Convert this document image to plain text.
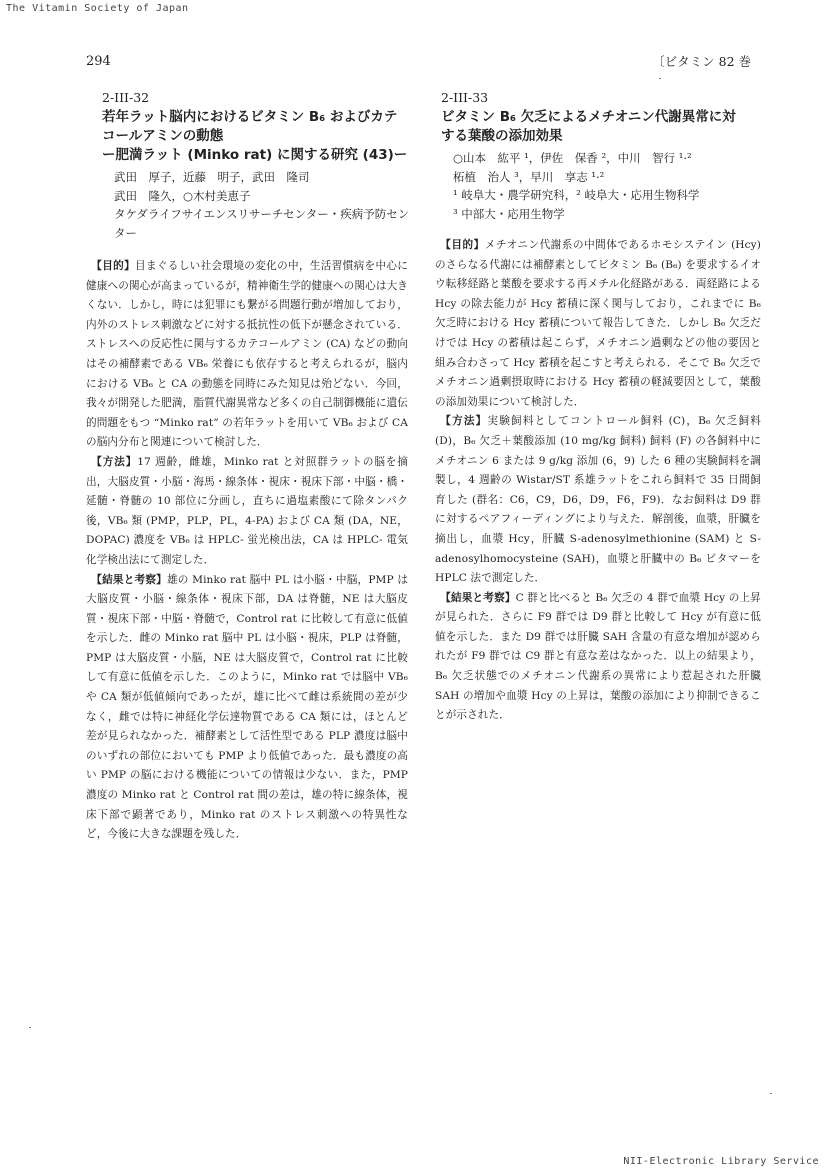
The Vitamin Society of Japan
294	〔ビタミン 82 巻
2-III-32
若年ラット脳内におけるビタミン B₆ およびカテ
コールアミンの動態
ー肥満ラット (Minko rat) に関する研究 (43)ー
武田　厚子，近藤　明子，武田　隆司
武田　隆久，○木村美恵子
タケダライフサイエンスリサーチセンター・疾病予防センター
2-III-33
ビタミン B₆ 欠乏によるメチオニン代謝異常に対
する葉酸の添加効果
○山本　紘平 ¹，伊佐　保香 ²，中川　智行 ¹·²
柘植　治人 ³，早川　享志 ¹·²
¹ 岐阜大・農学研究科，² 岐阜大・応用生物科学
³ 中部大・応用生物学

【目的】目まぐるしい社会環境の変化の中，生活習慣病を中心に健康への関心が高まっているが，精神衛生学的健康への関心は大きくない．しかし，時には犯罪にも繋がる問題行動が増加しており，内外のストレス刺激などに対する抵抗性の低下が懸念されている．ストレスへの反応性に関与するカテコールアミン (CA) などの動向はその補酵素である VB₆ 栄養にも依存すると考えられるが，脳内における VB₆ と CA の動態を同時にみた知見は殆どない．今回，我々が開発した肥満，脂質代謝異常など多くの自己制御機能に遺伝的問題をもつ “Minko rat” の若年ラットを用いて VB₆ および CA の脳内分布と関連について検討した．

【方法】17 週齢，雌雄，Minko rat と対照群ラットの脳を摘出，大脳皮質・小脳・海馬・線条体・視床・視床下部・中脳・橋・延髄・脊髄の 10 部位に分画し，直ちに過塩素酸にて除タンパク後，VB₆ 類 (PMP，PLP，PL，4-PA) および CA 類 (DA，NE，DOPAC) 濃度を VB₆ は HPLC- 蛍光検出法，CA は HPLC- 電気化学検出法にて測定した．

【結果と考察】雄の Minko rat 脳中 PL は小脳・中脳，PMP は大脳皮質・小脳・線条体・視床下部，DA は脊髄，NE は大脳皮質・視床下部・中脳・脊髄で，Control rat に比較して有意に低値を示した．雌の Minko rat 脳中 PL は小脳・視床，PLP は脊髄，PMP は大脳皮質・小脳，NE は大脳皮質で，Control rat に比較して有意に低値を示した．このように，Minko rat では脳中 VB₆ や CA 類が低値傾向であったが，雄に比べて雌は系統間の差が少なく，雌では特に神経化学伝達物質である CA 類には，ほとんど差が見られなかった．補酵素として活性型である PLP 濃度は脳中のいずれの部位においても PMP より低値であった．最も濃度の高い PMP の脳における機能についての情報は少ない．また，PMP 濃度の Minko rat と Control rat 間の差は，雄の特に線条体，視床下部で顕著であり，Minko rat のストレス刺激への特異性など，今後に大きな課題を残した．

【目的】メチオニン代謝系の中間体であるホモシステイン (Hcy) のさらなる代謝には補酵素としてビタミン B₆ (B₆) を要求するイオウ転移経路と葉酸を要求する再メチル化経路がある．両経路による Hcy の除去能力が Hcy 蓄積に深く関与しており，これまでに B₆ 欠乏時における Hcy 蓄積について報告してきた．しかし B₆ 欠乏だけでは Hcy の蓄積は起こらず，メチオニン過剰などの他の要因と組み合わさって Hcy 蓄積を起こすと考えられる．そこで B₆ 欠乏でメチオニン過剰摂取時における Hcy 蓄積の軽減要因として，葉酸の添加効果について検討した．

【方法】実験飼料としてコントロール飼料 (C)，B₆ 欠乏飼料 (D)，B₆ 欠乏＋葉酸添加 (10 mg/kg 飼料) 飼料 (F) の各飼料中にメチオニン 6 または 9 g/kg 添加 (6，9) した 6 種の実験飼料を調製し，4 週齢の Wistar/ST 系雄ラットをこれら飼料で 35 日間飼育した (群名：C6，C9，D6，D9，F6，F9)．なお飼料は D9 群に対するペアフィーディングにより与えた．解剖後，血漿，肝臓を摘出し，血漿 Hcy，肝臓 S-adenosylmethionine (SAM) と S-adenosylhomocysteine (SAH)，血漿と肝臓中の B₆ ビタマーを HPLC 法で測定した．

【結果と考察】C 群と比べると B₆ 欠乏の 4 群で血漿 Hcy の上昇が見られた．さらに F9 群では D9 群と比較して Hcy が有意に低値を示した．また D9 群では肝臓 SAH 含量の有意な増加が認められたが F9 群では C9 群と有意な差はなかった．以上の結果より，B₆ 欠乏状態でのメチオニン代謝系の異常により惹起された肝臓 SAH の増加や血漿 Hcy の上昇は，葉酸の添加により抑制できることが示された．

NII-Electronic Library Service
